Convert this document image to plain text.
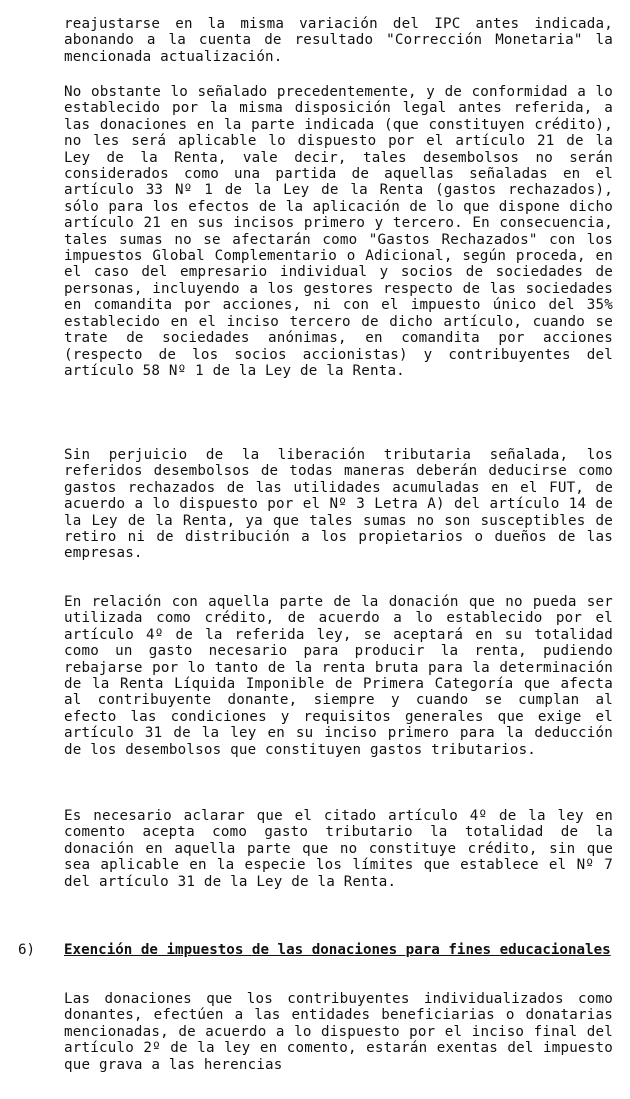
reajustarse en la misma variación del IPC antes indicada, abonando a la cuenta de resultado "Corrección Monetaria" la mencionada actualización.

No obstante lo señalado precedentemente, y de conformidad a lo establecido por la misma disposición legal antes referida, a las donaciones en la parte indicada (que constituyen crédito), no les será aplicable lo dispuesto por el artículo 21 de la Ley de la Renta, vale decir, tales desembolsos no serán considerados como una partida de aquellas señaladas en el artículo 33 Nº 1 de la Ley de la Renta (gastos rechazados), sólo para los efectos de la aplicación de lo que dispone dicho artículo 21 en sus incisos primero y tercero. En consecuencia, tales sumas no se afectarán como "Gastos Rechazados" con los impuestos Global Complementario o Adicional, según proceda, en el caso del empresario individual y socios de sociedades de personas, incluyendo a los gestores respecto de las sociedades en comandita por acciones, ni con el impuesto único del 35% establecido en el inciso tercero de dicho artículo, cuando se trate de sociedades anónimas, en comandita por acciones (respecto de los socios accionistas) y contribuyentes del artículo 58 Nº 1 de la Ley de la Renta.

Sin perjuicio de la liberación tributaria señalada, los referidos desembolsos de todas maneras deberán deducirse como gastos rechazados de las utilidades acumuladas en el FUT, de acuerdo a lo dispuesto por el Nº 3 Letra A) del artículo 14 de la Ley de la Renta, ya que tales sumas no son susceptibles de retiro ni de distribución a los propietarios o dueños de las empresas.

En relación con aquella parte de la donación que no pueda ser utilizada como crédito, de acuerdo a lo establecido por el artículo 4º de la referida ley, se aceptará en su totalidad como un gasto necesario para producir la renta, pudiendo rebajarse por lo tanto de la renta bruta para la determinación de la Renta Líquida Imponible de Primera Categoría que afecta al contribuyente donante, siempre y cuando se cumplan al efecto las condiciones y requisitos generales que exige el artículo 31 de la ley en su inciso primero para la deducción de los desembolsos que constituyen gastos tributarios.

Es necesario aclarar que el citado artículo 4º de la ley en comento acepta como gasto tributario la totalidad de la donación en aquella parte que no constituye crédito, sin que sea aplicable en la especie los límites que establece el Nº 7 del artículo 31 de la Ley de la Renta.

6) Exención de impuestos de las donaciones para fines educacionales

Las donaciones que los contribuyentes individualizados como donantes, efectúen a las entidades beneficiarias o donatarias mencionadas, de acuerdo a lo dispuesto por el inciso final del artículo 2º de la ley en comento, estarán exentas del impuesto que grava a las herencias
